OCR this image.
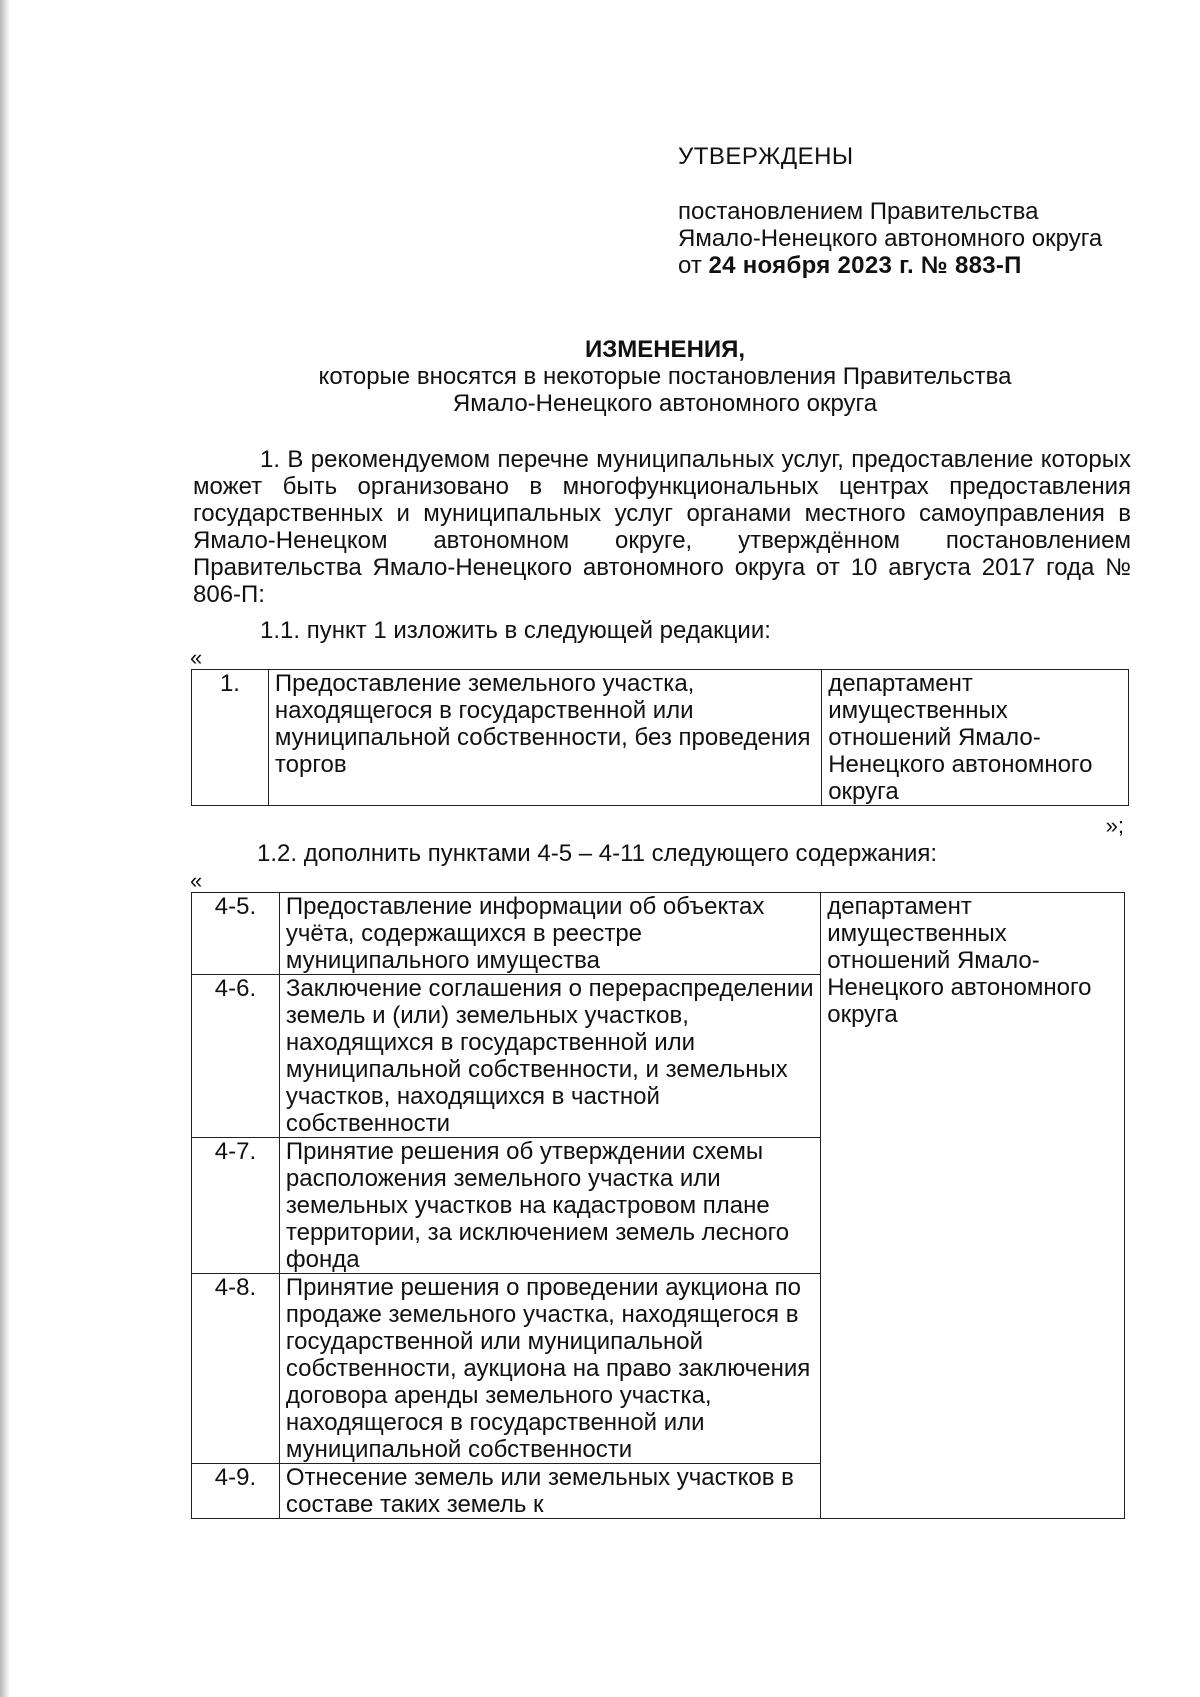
УТВЕРЖДЕНЫ

постановлением Правительства

Ямало-Ненецкого автономного округа

от 24 ноября 2023 г. № 883-П

ИЗМЕНЕНИЯ,

которые вносятся в некоторые постановления Правительства

Ямало-Ненецкого автономного округа

1. В рекомендуемом перечне муниципальных услуг, предоставление которых может быть организовано в многофункциональных центрах предоставления государственных и муниципальных услуг органами местного самоуправления в Ямало-Ненецком автономном округе, утверждённом постановлением Правительства Ямало-Ненецкого автономного округа от 10 августа 2017 года № 806-П:

1.1. пункт 1 изложить в следующей редакции:

«
1.	Предоставление земельного участка, находящегося в государственной или муниципальной собственности, без проведения торгов	департамент имущественных отношений Ямало-Ненецкого автономного округа
»;

1.2. дополнить пунктами 4-5 – 4-11 следующего содержания:

«
4-5.	Предоставление информации об объектах учёта, содержащихся в реестре муниципального имущества	департамент имущественных отношений Ямало-Ненецкого автономного округа
4-6.	Заключение соглашения о перераспределении земель и (или) земельных участков, находящихся в государственной или муниципальной собственности, и земельных участков, находящихся в частной собственности	
4-7.	Принятие решения об утверждении схемы расположения земельного участка или земельных участков на кадастровом плане территории, за исключением земель лесного фонда	
4-8.	Принятие решения о проведении аукциона по продаже земельного участка, находящегося в государственной или муниципальной собственности, аукциона на право заключения договора аренды земельного участка, находящегося в государственной или муниципальной собственности	
4-9.	Отнесение земель или земельных участков в составе таких земель к	
